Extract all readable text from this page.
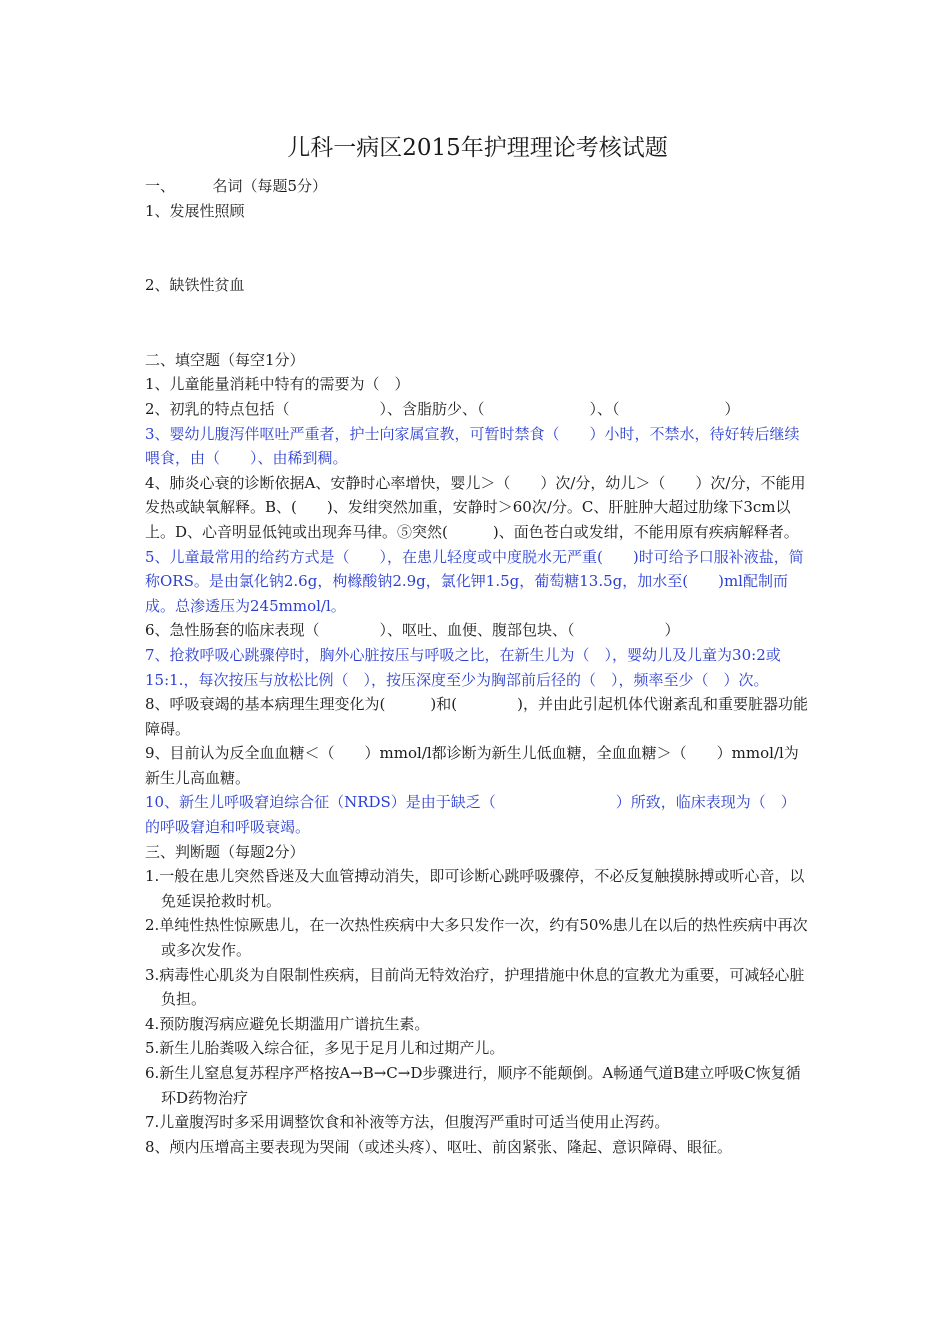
儿科一病区2015年护理理论考核试题

一、　　　名词（每题5分）

1、发展性照顾

2、缺铁性贫血

二、填空题（每空1分）

1、儿童能量消耗中特有的需要为（　）

2、初乳的特点包括（　　　　　　）、含脂肪少、（　　　　　　　）、（　　　　　　　）

3、婴幼儿腹泻伴呕吐严重者，护士向家属宣教，可暂时禁食（　　）小时，不禁水，待好转后继续喂食，由（　　）、由稀到稠。

4、肺炎心衰的诊断依据A、安静时心率增快，婴儿＞（　　）次/分，幼儿＞（　　）次/分，不能用发热或缺氧解释。B、(　　)、发绀突然加重，安静时＞60次/分。C、肝脏肿大超过肋缘下3cm以上。D、心音明显低钝或出现奔马律。⑤突然(　　　)、面色苍白或发绀，不能用原有疾病解释者。

5、儿童最常用的给药方式是（　　），在患儿轻度或中度脱水无严重(　　)时可给予口服补液盐，简称ORS。是由氯化钠2.6g，枸橼酸钠2.9g，氯化钾1.5g，葡萄糖13.5g，加水至(　　)ml配制而成。总渗透压为245mmol/l。

6、急性肠套的临床表现（　　　　）、呕吐、血便、腹部包块、（　　　　　　）

7、抢救呼吸心跳骤停时，胸外心脏按压与呼吸之比，在新生儿为（　），婴幼儿及儿童为30:2或15:1.，每次按压与放松比例（　），按压深度至少为胸部前后径的（　），频率至少（　）次。

8、呼吸衰竭的基本病理生理变化为(　　　)和(　　　　)，并由此引起机体代谢紊乱和重要脏器功能障碍。

9、目前认为反全血血糖＜（　　）mmol/l都诊断为新生儿低血糖，全血血糖＞（　　）mmol/l为新生儿高血糖。

10、新生儿呼吸窘迫综合征（NRDS）是由于缺乏（　　　　　　　　）所致，临床表现为（　）的呼吸窘迫和呼吸衰竭。

三、判断题（每题2分）

1.一般在患儿突然昏迷及大血管搏动消失，即可诊断心跳呼吸骤停，不必反复触摸脉搏或听心音，以免延误抢救时机。

2.单纯性热性惊厥患儿，在一次热性疾病中大多只发作一次，约有50%患儿在以后的热性疾病中再次或多次发作。

3.病毒性心肌炎为自限制性疾病，目前尚无特效治疗，护理措施中休息的宣教尤为重要，可减轻心脏负担。

4.预防腹泻病应避免长期滥用广谱抗生素。

5.新生儿胎粪吸入综合征，多见于足月儿和过期产儿。

6.新生儿窒息复苏程序严格按A→B→C→D步骤进行，顺序不能颠倒。A畅通气道B建立呼吸C恢复循环D药物治疗

7.儿童腹泻时多采用调整饮食和补液等方法，但腹泻严重时可适当使用止泻药。

8、颅内压增高主要表现为哭闹（或述头疼）、呕吐、前囟紧张、隆起、意识障碍、眼征。
